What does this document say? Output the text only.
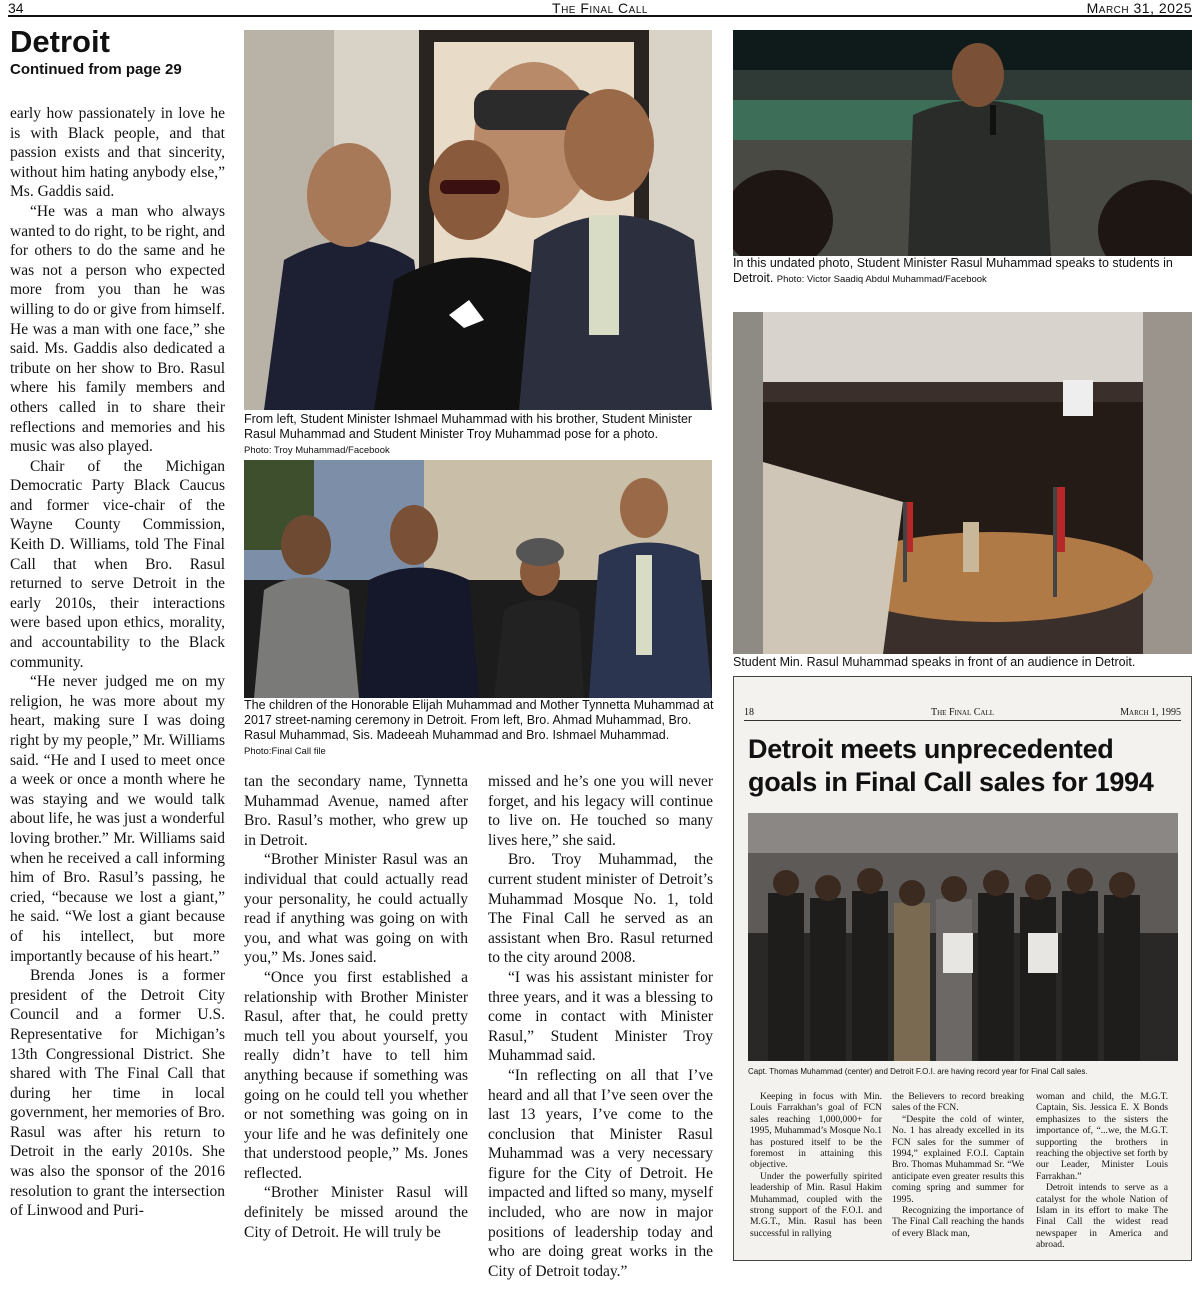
34	The Final Call	March 31, 2025
Detroit
Continued from page 29

early how passionately in love he is with Black people, and that passion exists and that sincerity, without him hating anybody else,” Ms. Gaddis said.

“He was a man who always wanted to do right, to be right, and for others to do the same and he was not a person who expected more from you than he was willing to do or give from himself. He was a man with one face,” she said. Ms. Gaddis also dedicated a tribute on her show to Bro. Rasul where his family members and others called in to share their reflections and memories and his music was also played.

Chair of the Michigan Democratic Party Black Caucus and former vice-chair of the Wayne County Commission, Keith D. Williams, told The Final Call that when Bro. Rasul returned to serve Detroit in the early 2010s, their interactions were based upon ethics, morality, and accountability to the Black community.

“He never judged me on my religion, he was more about my heart, making sure I was doing right by my people,” Mr. Williams said. “He and I used to meet once a week or once a month where he was staying and we would talk about life, he was just a wonderful loving brother.” Mr. Williams said when he received a call informing him of Bro. Rasul’s passing, he cried, “because we lost a giant,” he said. “We lost a giant because of his intellect, but more importantly because of his heart.”

Brenda Jones is a former president of the Detroit City Council and a former U.S. Representative for Michigan’s 13th Congressional District. She shared with The Final Call that during her time in local government, her memories of Bro. Rasul was after his return to Detroit in the early 2010s. She was also the sponsor of the 2016 resolution to grant the intersection of Linwood and Puri-

From left, Student Minister Ishmael Muhammad with his brother, Student Minister Rasul Muhammad and Student Minister Troy Muhammad pose for a photo.
Photo: Troy Muhammad/Facebook
The children of the Honorable Elijah Muhammad and Mother Tynnetta Muhammad at 2017 street-naming ceremony in Detroit. From left, Bro. Ahmad Muhammad, Bro. Rasul Muhammad, Sis. Madeeah Muhammad and Bro. Ishmael Muhammad. Photo:Final Call file

tan the secondary name, Tynnetta Muhammad Avenue, named after Bro. Rasul’s mother, who grew up in Detroit.

“Brother Minister Rasul was an individual that could actually read your personality, he could actually read if anything was going on with you, and what was going on with you,” Ms. Jones said.

“Once you first established a relationship with Brother Minister Rasul, after that, he could pretty much tell you about yourself, you really didn’t have to tell him anything because if something was going on he could tell you whether or not something was going on in your life and he was definitely one that understood people,” Ms. Jones reflected.

“Brother Minister Rasul will definitely be missed around the City of Detroit. He will truly be

missed and he’s one you will never forget, and his legacy will continue to live on. He touched so many lives here,” she said.

Bro. Troy Muhammad, the current student minister of Detroit’s Muhammad Mosque No. 1, told The Final Call he served as an assistant when Bro. Rasul returned to the city around 2008.

“I was his assistant minister for three years, and it was a blessing to come in contact with Minister Rasul,” Student Minister Troy Muhammad said.

“In reflecting on all that I’ve heard and all that I’ve seen over the last 13 years, I’ve come to the conclusion that Minister Rasul Muhammad was a very necessary figure for the City of Detroit. He impacted and lifted so many, myself included, who are now in major positions of leadership today and who are doing great works in the City of Detroit today.”

In this undated photo, Student Minister Rasul Muhammad speaks to students in Detroit. Photo: Victor Saadiq Abdul Muhammad/Facebook
Student Min. Rasul Muhammad speaks in front of an audience in Detroit.
18	The Final Call	March 1, 1995
Detroit meets unprecedented
goals in Final Call sales for 1994
Capt. Thomas Muhammad (center) and Detroit F.O.I. are having record year for Final Call sales.

Keeping in focus with Min. Louis Farrakhan’s goal of FCN sales reaching 1,000,000+ for 1995, Muhammad’s Mosque No.1 has postured itself to be the foremost in attaining this objective.

Under the powerfully spirited leadership of Min. Rasul Hakim Muhammad, coupled with the strong support of the F.O.I. and M.G.T., Min. Rasul has been successful in rallying

the Believers to record breaking sales of the FCN.

“Despite the cold of winter, No. 1 has already excelled in its FCN sales for the summer of 1994,” explained F.O.I. Captain Bro. Thomas Muhammad Sr. “We anticipate even greater results this coming spring and summer for 1995.

Recognizing the importance of The Final Call reaching the hands of every Black man,

woman and child, the M.G.T. Captain, Sis. Jessica E. X Bonds emphasizes to the sisters the importance of, “...we, the M.G.T. supporting the brothers in reaching the objective set forth by our Leader, Minister Louis Farrakhan.”

Detroit intends to serve as a catalyst for the whole Nation of Islam in its effort to make The Final Call the widest read newspaper in America and abroad.
